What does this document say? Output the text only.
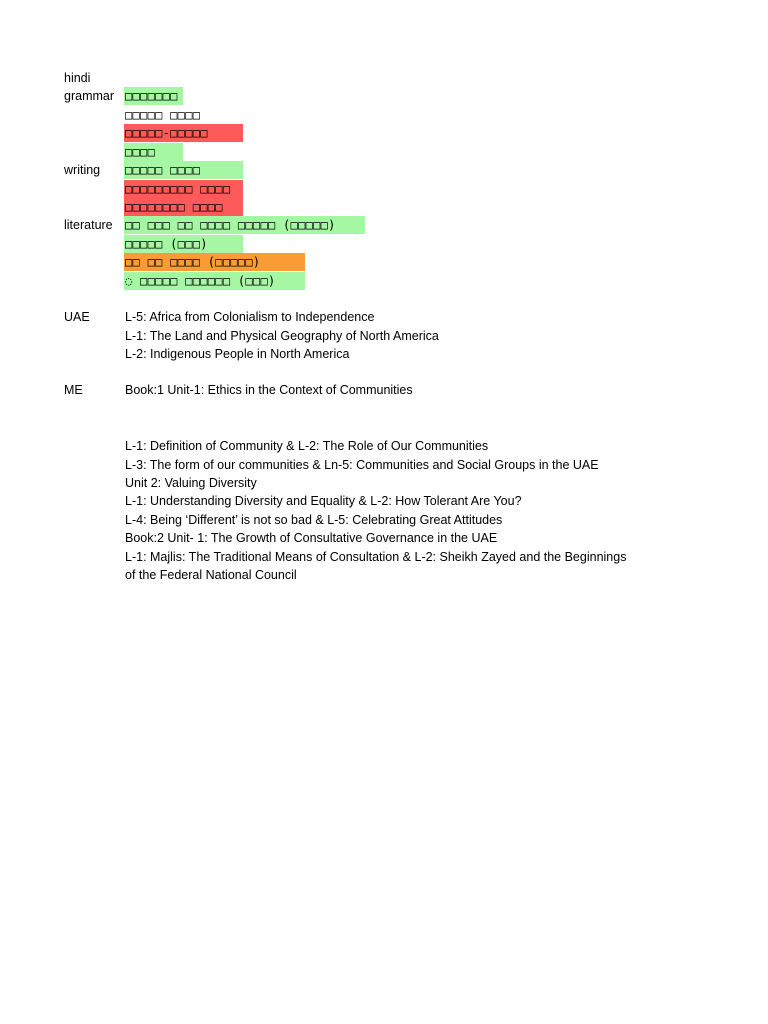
hindi
grammar
writing
literature
UAE
ME
□□□□□□□
□□□□□ □□□□
□□□□□-□□□□□
□□□□
□□□□□ □□□□
□□□□□□□□□ □□□□
□□□□□□□□ □□□□
□□ □□□ □□ □□□□ □□□□□ (□□□□□)
□□□□□ (□□□)
□□ □□ □□□□ (□□□□□)
◌ □□□□□ □□□□□□ (□□□)
L-5: Africa from Colonialism to Independence
L-1: The Land and Physical Geography of North America
L-2: Indigenous People in North America
Book:1 Unit-1: Ethics in the Context of Communities
L-1: Definition of Community & L-2: The Role of Our Communities
L-3: The form of our communities & Ln-5: Communities and Social Groups in the UAE
Unit 2: Valuing Diversity
L-1: Understanding Diversity and Equality & L-2: How Tolerant Are You?
L-4: Being ‘Different’ is not so bad & L-5: Celebrating Great Attitudes
Book:2 Unit- 1: The Growth of Consultative Governance in the UAE
L-1: Majlis: The Traditional Means of Consultation & L-2: Sheikh Zayed and the Beginnings
of the Federal National Council
